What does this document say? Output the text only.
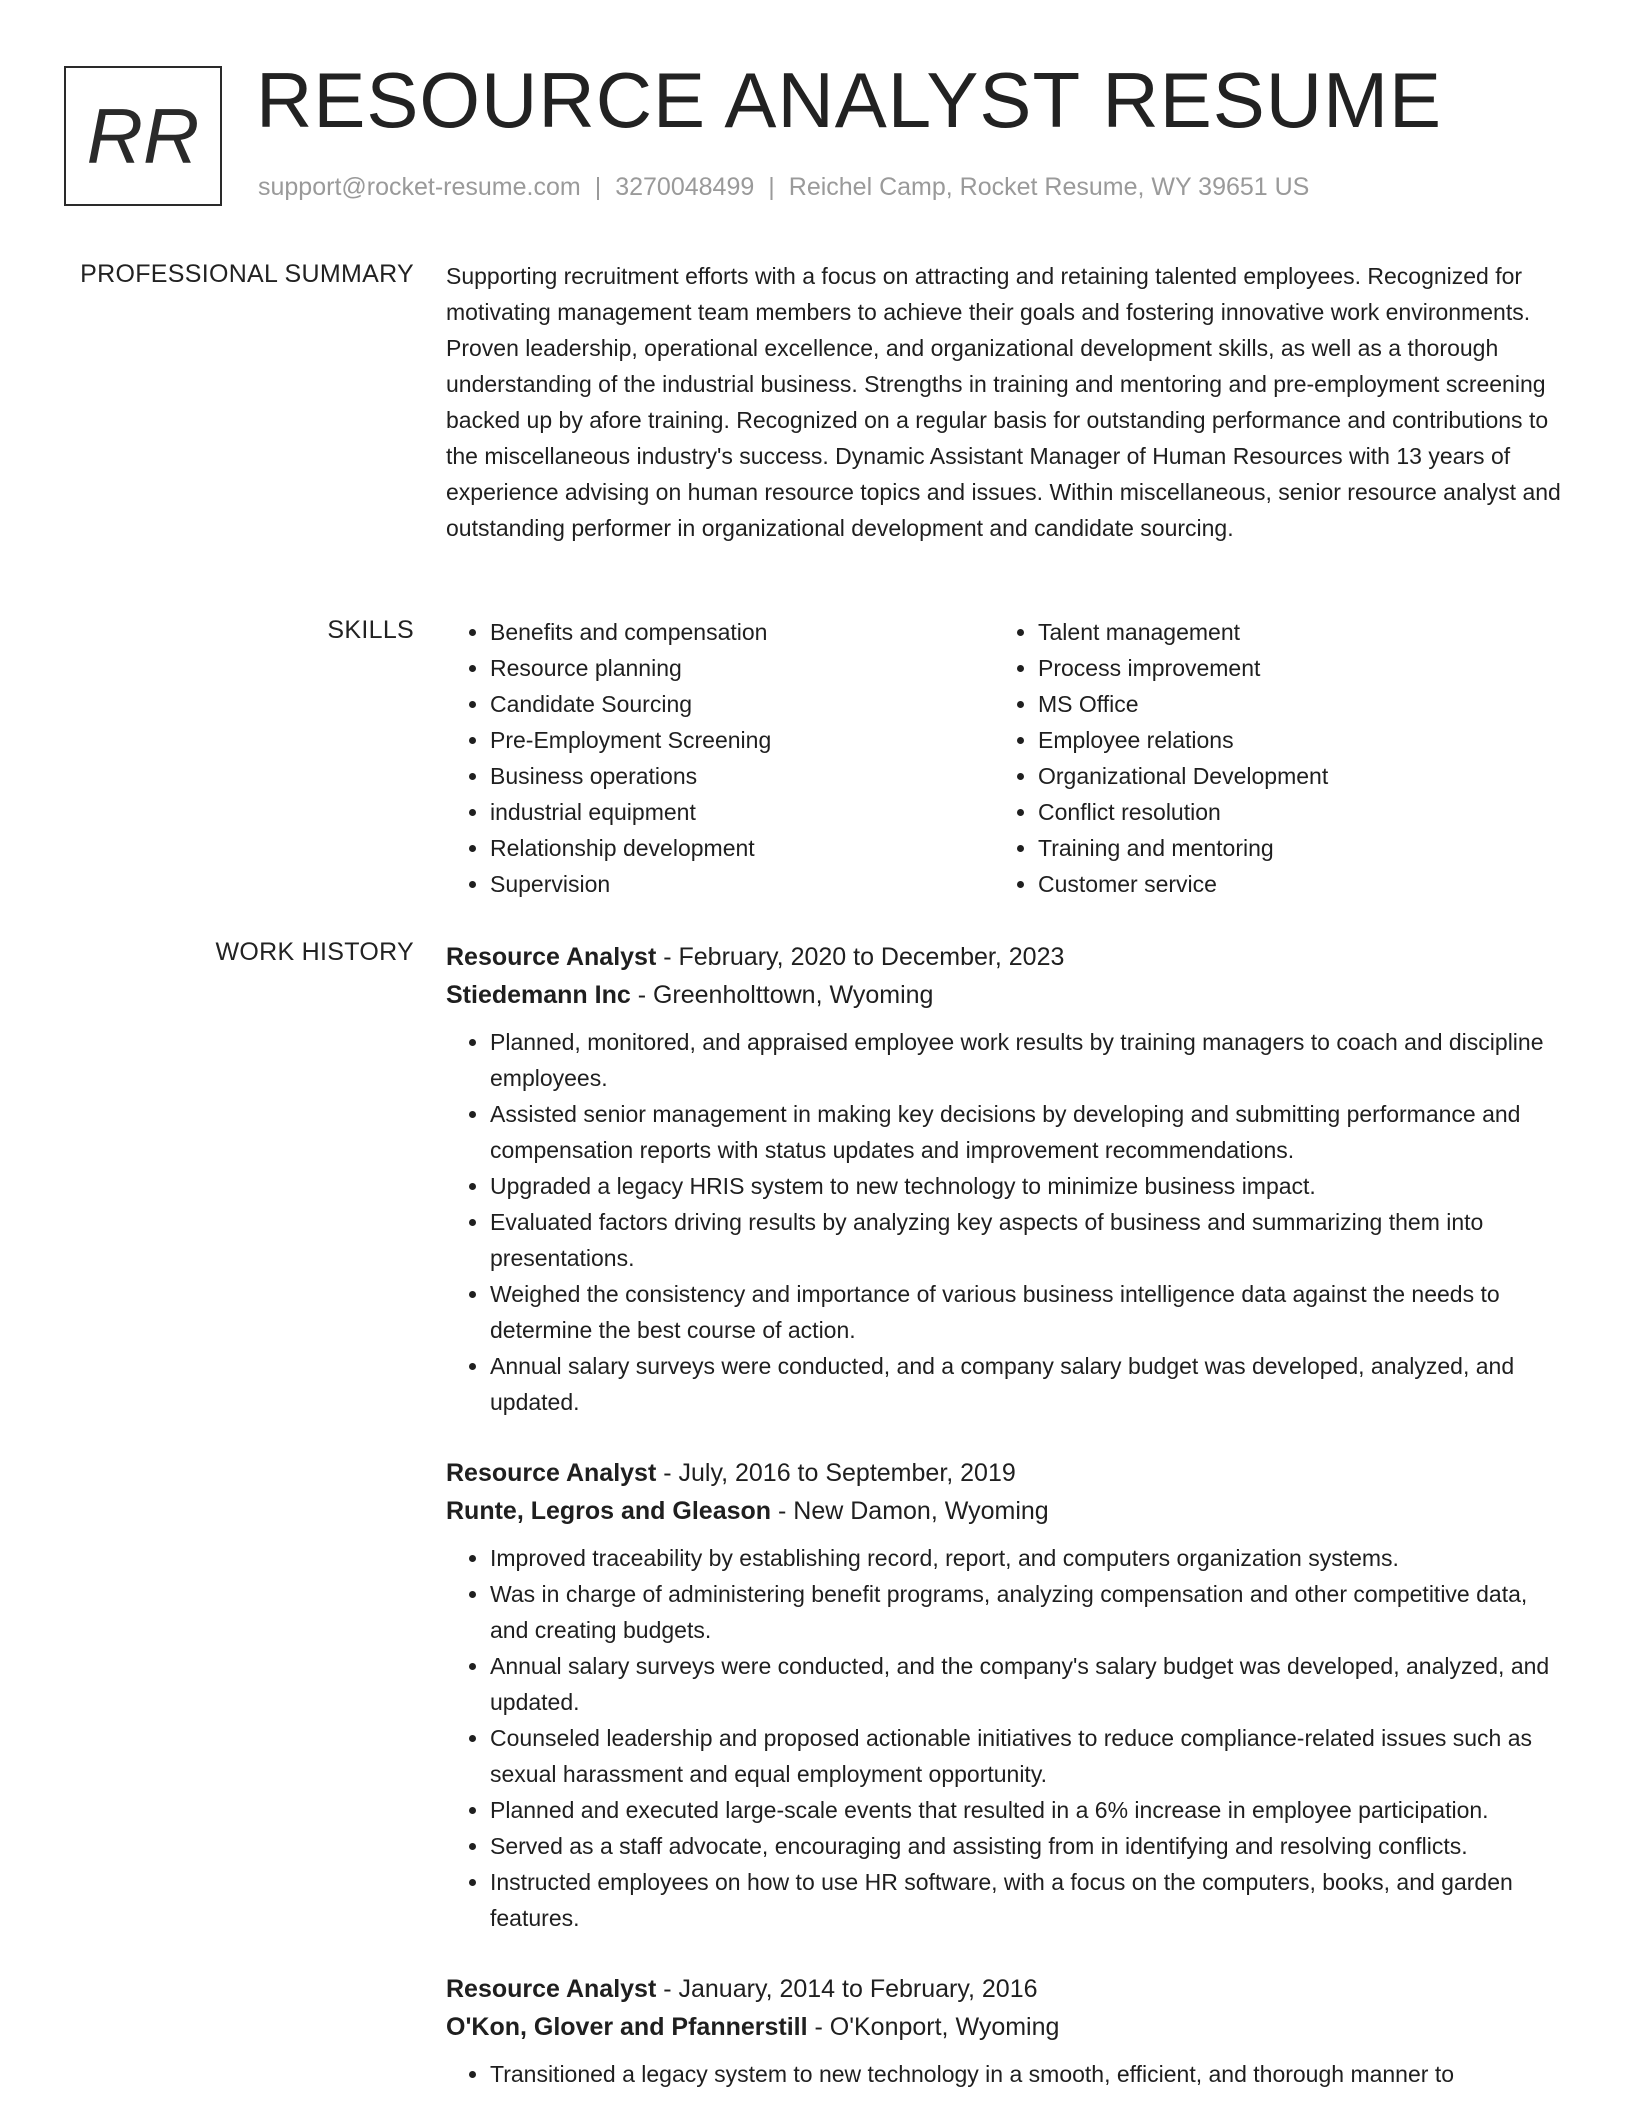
RR RESOURCE ANALYST RESUME
support@rocket-resume.com | 3270048499 | Reichel Camp, Rocket Resume, WY 39651 US
PROFESSIONAL SUMMARY Supporting recruitment efforts with a focus on attracting and retaining talented employees. Recognized for motivating management team members to achieve their goals and fostering innovative work environments. Proven leadership, operational excellence, and organizational development skills, as well as a thorough understanding of the industrial business. Strengths in training and mentoring and pre-employment screening backed up by afore training. Recognized on a regular basis for outstanding performance and contributions to the miscellaneous industry's success. Dynamic Assistant Manager of Human Resources with 13 years of experience advising on human resource topics and issues. Within miscellaneous, senior resource analyst and outstanding performer in organizational development and candidate sourcing.

SKILLS
•	Benefits and compensation
• Resource planning
• Candidate Sourcing
• Pre-Employment Screening
• Business operations
• industrial equipment
• Relationship development
• Supervision
• Talent management
• Process improvement
• MS Office
• Employee relations
• Organizational Development
• Conflict resolution
• Training and mentoring
• Customer service
WORK HISTORY Resource Analyst - February, 2020 to December, 2023
Stiedemann Inc - Greenholttown, Wyoming
• Planned, monitored, and appraised employee work results by training managers to coach and discipline employees.
• Assisted senior management in making key decisions by developing and submitting performance and compensation reports with status updates and improvement recommendations.
• Upgraded a legacy HRIS system to new technology to minimize business impact.
• Evaluated factors driving results by analyzing key aspects of business and summarizing them into presentations.
• Weighed the consistency and importance of various business intelligence data against the needs to determine the best course of action.
• Annual salary surveys were conducted, and a company salary budget was developed, analyzed, and updated.
Resource Analyst - July, 2016 to September, 2019
Runte, Legros and Gleason - New Damon, Wyoming
• Improved traceability by establishing record, report, and computers organization systems.
• Was in charge of administering benefit programs, analyzing compensation and other competitive data, and creating budgets.
• Annual salary surveys were conducted, and the company's salary budget was developed, analyzed, and updated.
• Counseled leadership and proposed actionable initiatives to reduce compliance-related issues such as sexual harassment and equal employment opportunity.
• Planned and executed large-scale events that resulted in a 6% increase in employee participation.
• Served as a staff advocate, encouraging and assisting from in identifying and resolving conflicts.
• Instructed employees on how to use HR software, with a focus on the computers, books, and garden features.
Resource Analyst - January, 2014 to February, 2016
O'Kon, Glover and Pfannerstill - O'Konport, Wyoming
• Transitioned a legacy system to new technology in a smooth, efficient, and thorough manner to
